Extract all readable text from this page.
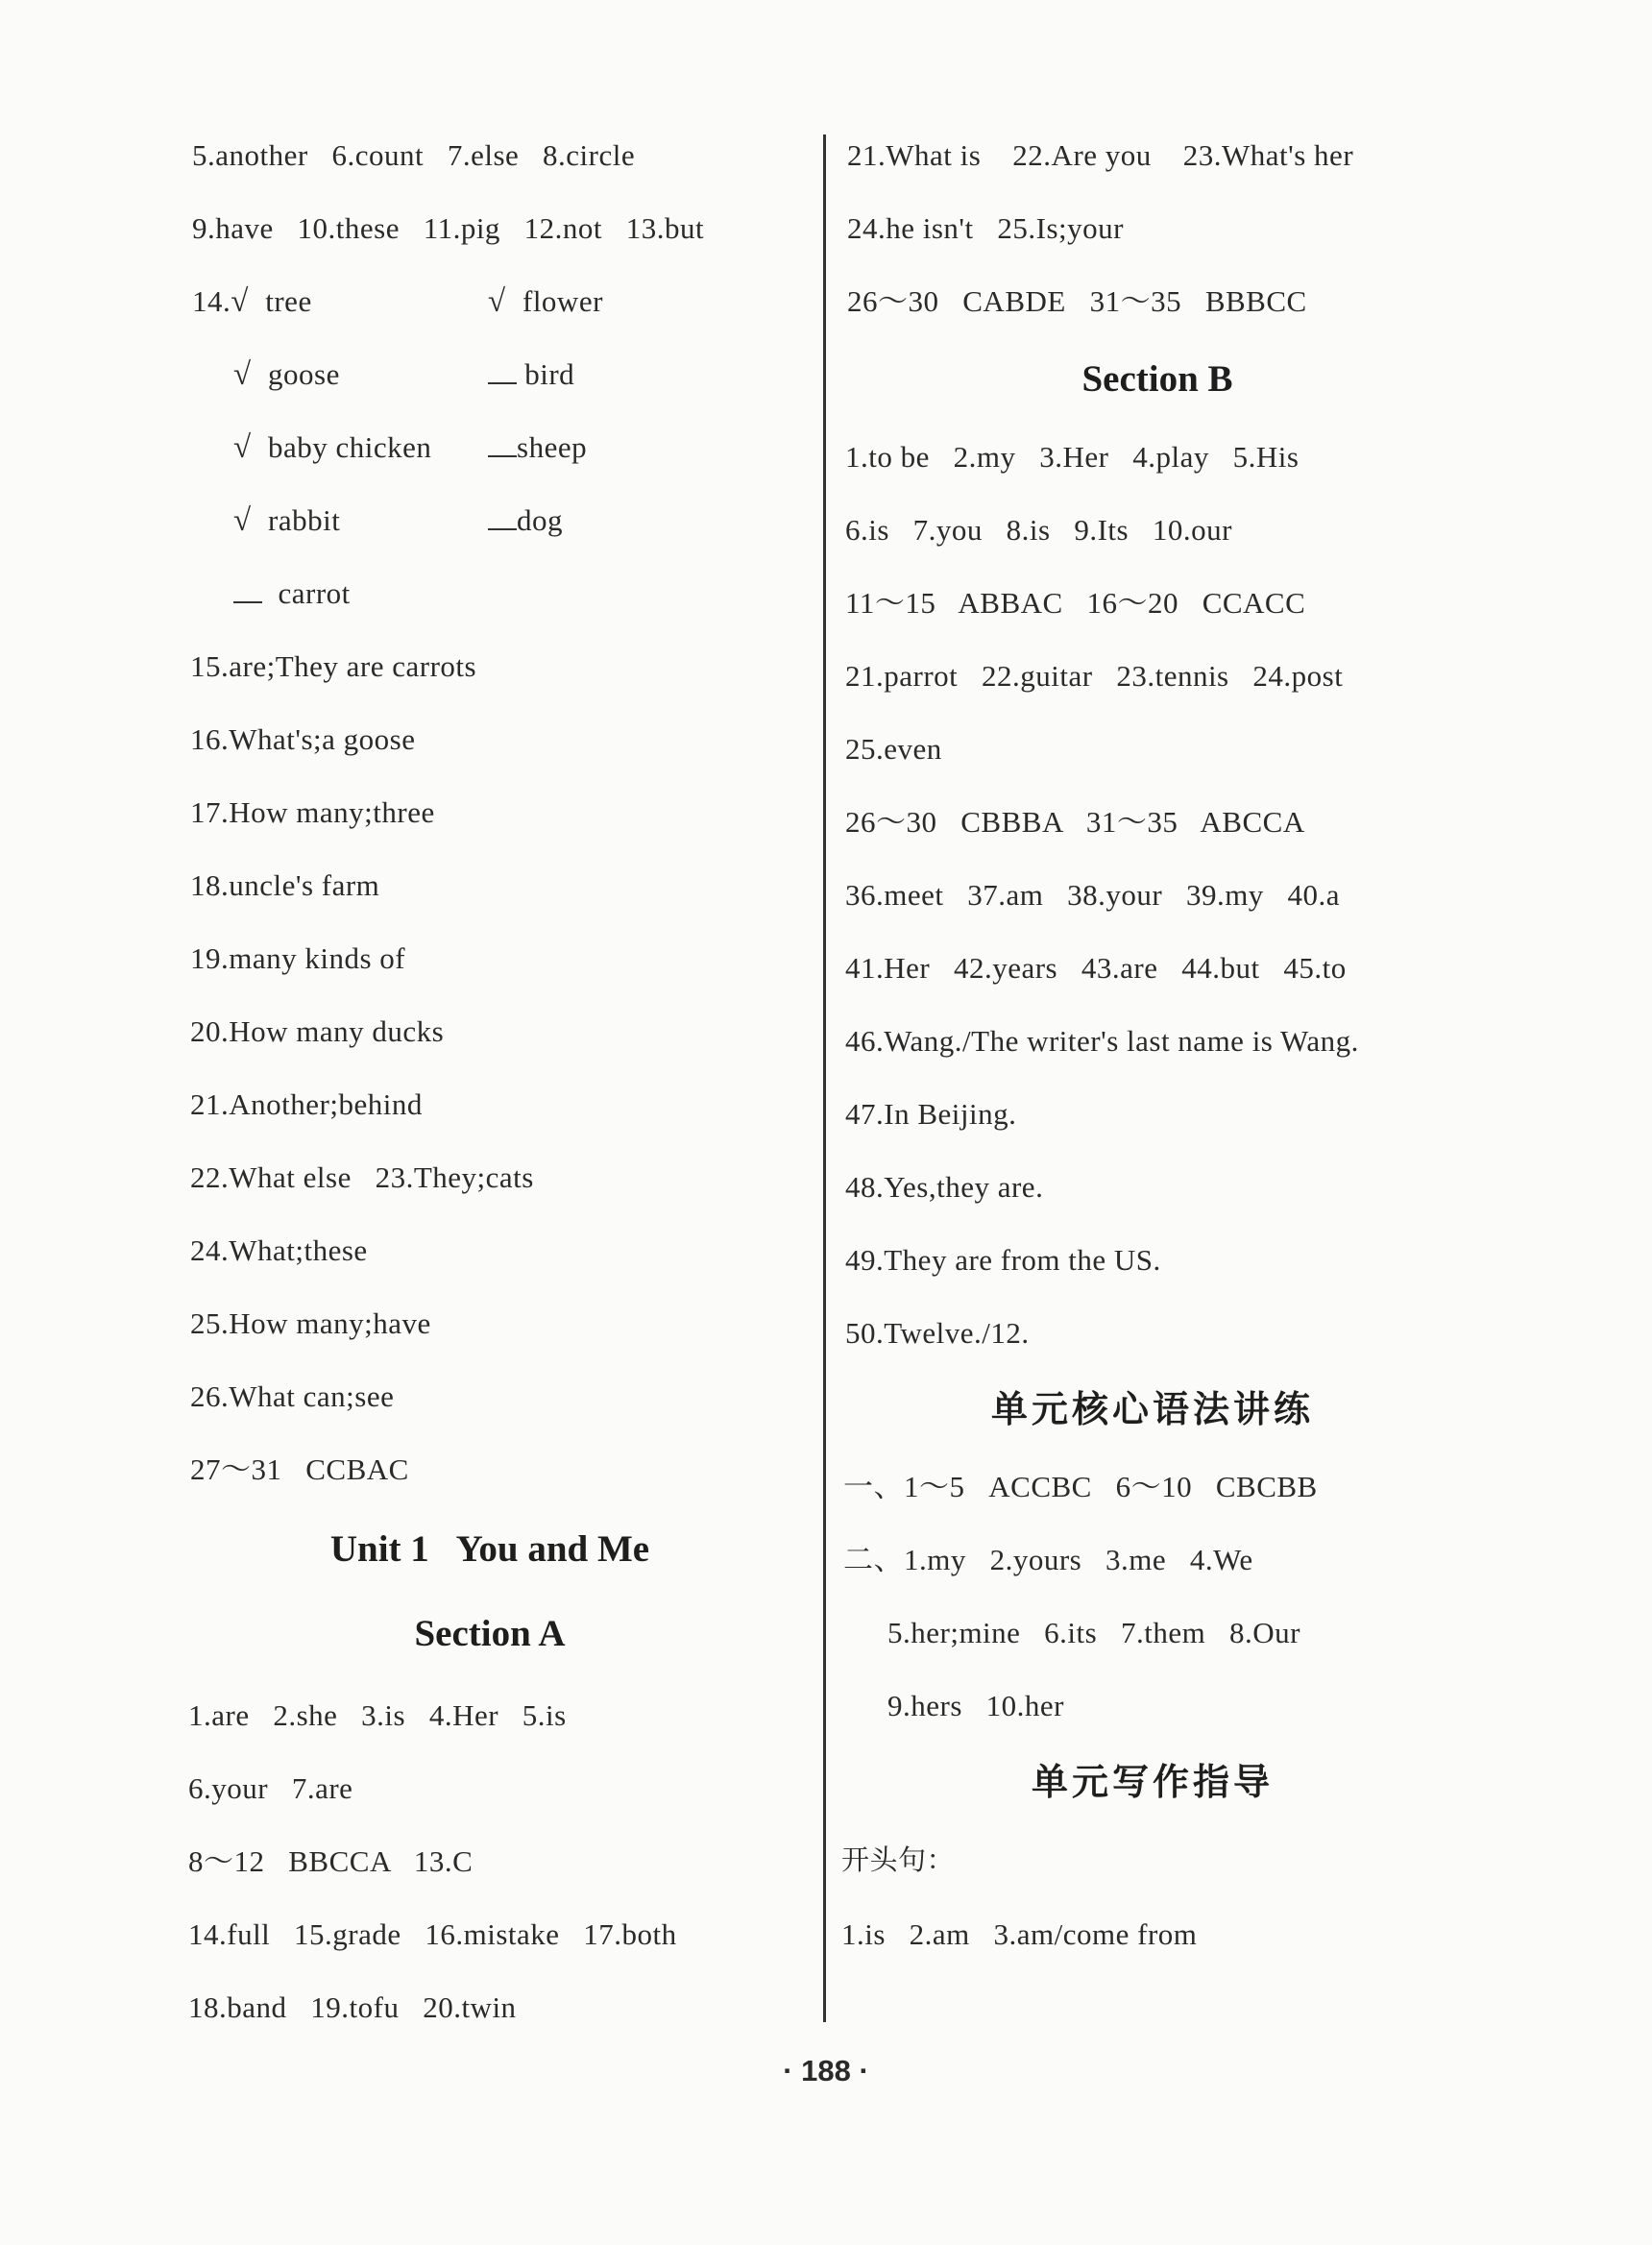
5.another   6.count   7.else   8.circle
9.have   10.these   11.pig   12.not   13.but
14.√ tree	√ flower
√ goose	bird
√ baby chicken	sheep
√ rabbit	dog
carrot
15.are;They are carrots
16.What's;a goose
17.How many;three
18.uncle's farm
19.many kinds of
20.How many ducks
21.Another;behind
22.What else   23.They;cats
24.What;these
25.How many;have
26.What can;see
27～31   CCBAC
Unit 1   You and Me
Section A
1.are   2.she   3.is   4.Her   5.is
6.your   7.are
8～12   BBCCA   13.C
14.full   15.grade   16.mistake   17.both
18.band   19.tofu   20.twin
21.What is    22.Are you    23.What's her
24.he isn't   25.Is;your
26～30   CABDE   31～35   BBBCC
Section B
1.to be   2.my   3.Her   4.play   5.His
6.is   7.you   8.is   9.Its   10.our
11～15   ABBAC   16～20   CCACC
21.parrot   22.guitar   23.tennis   24.post
25.even
26～30   CBBBA   31～35   ABCCA
36.meet   37.am   38.your   39.my   40.a
41.Her   42.years   43.are   44.but   45.to
46.Wang./The writer's last name is Wang.
47.In Beijing.
48.Yes,they are.
49.They are from the US.
50.Twelve./12.
单元核心语法讲练
一、1～5   ACCBC   6～10   CBCBB
二、1.my   2.yours   3.me   4.We
5.her;mine   6.its   7.them   8.Our
9.hers   10.her
单元写作指导
开头句：
1.is   2.am   3.am/come from
· 188 ·
